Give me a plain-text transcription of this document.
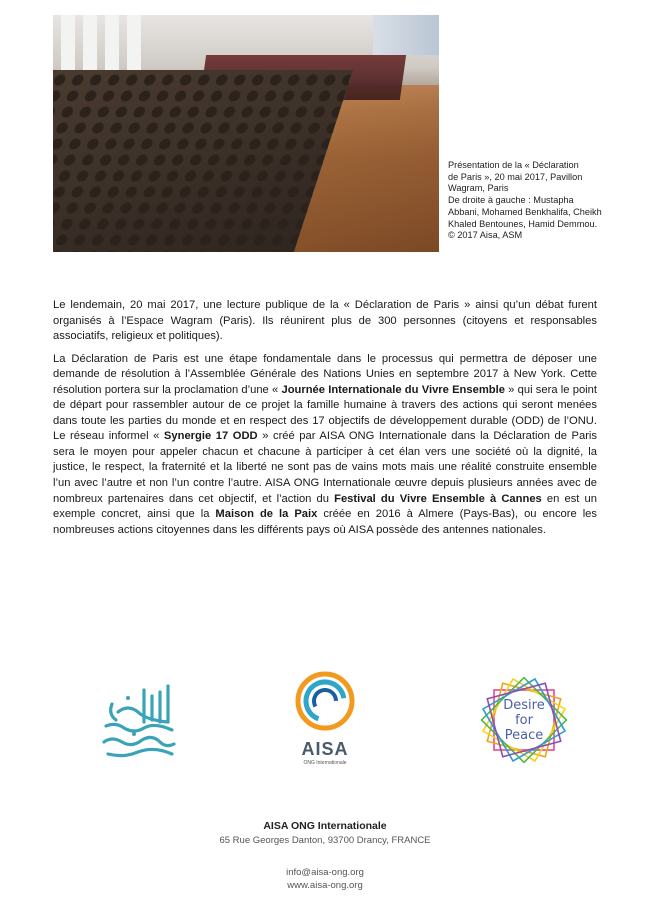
Présentation de la « Déclaration
de Paris », 20 mai 2017, Pavillon
Wagram, Paris
De droite à gauche : Mustapha
Abbani, Mohamed Benkhalifa, Cheikh
Khaled Bentounes, Hamid Demmou.
© 2017 Aisa, ASM

Le lendemain, 20 mai 2017, une lecture publique de la « Déclaration de Paris » ainsi qu’un débat furent organisés à l’Espace Wagram (Paris). Ils réunirent plus de 300 personnes (citoyens et responsables associatifs, religieux et politiques).

La Déclaration de Paris est une étape fondamentale dans le processus qui permettra de déposer une demande de résolution à l’Assemblée Générale des Nations Unies en septembre 2017 à New York. Cette résolution portera sur la proclamation d’une « Journée Internationale du Vivre Ensemble » qui sera le point de départ pour rassembler autour de ce projet la famille humaine à travers des actions qui seront menées dans toute les parties du monde et en respect des 17 objectifs de développement durable (ODD) de l’ONU. Le réseau informel « Synergie 17 ODD » créé par AISA ONG Internationale dans la Déclaration de Paris sera le moyen pour appeler chacun et chacune à participer à cet élan vers une société où la dignité, la justice, le respect, la fraternité et la liberté ne sont pas de vains mots mais une réalité construite ensemble l’un avec l’autre et non l’un contre l’autre. AISA ONG Internationale œuvre depuis plusieurs années avec de nombreux partenaires dans cet objectif, et l’action du Festival du Vivre Ensemble à Cannes en est un exemple concret, ainsi que la Maison de la Paix créée en 2016 à Almere (Pays-Bas), ou encore les nombreuses actions citoyennes dans les différents pays où AISA possède des antennes nationales.

AISA
ONG Internationale
Desire
for
Peace
AISA ONG Internationale
65 Rue Georges Danton, 93700 Drancy, FRANCE
info@aisa-ong.org
www.aisa-ong.org
